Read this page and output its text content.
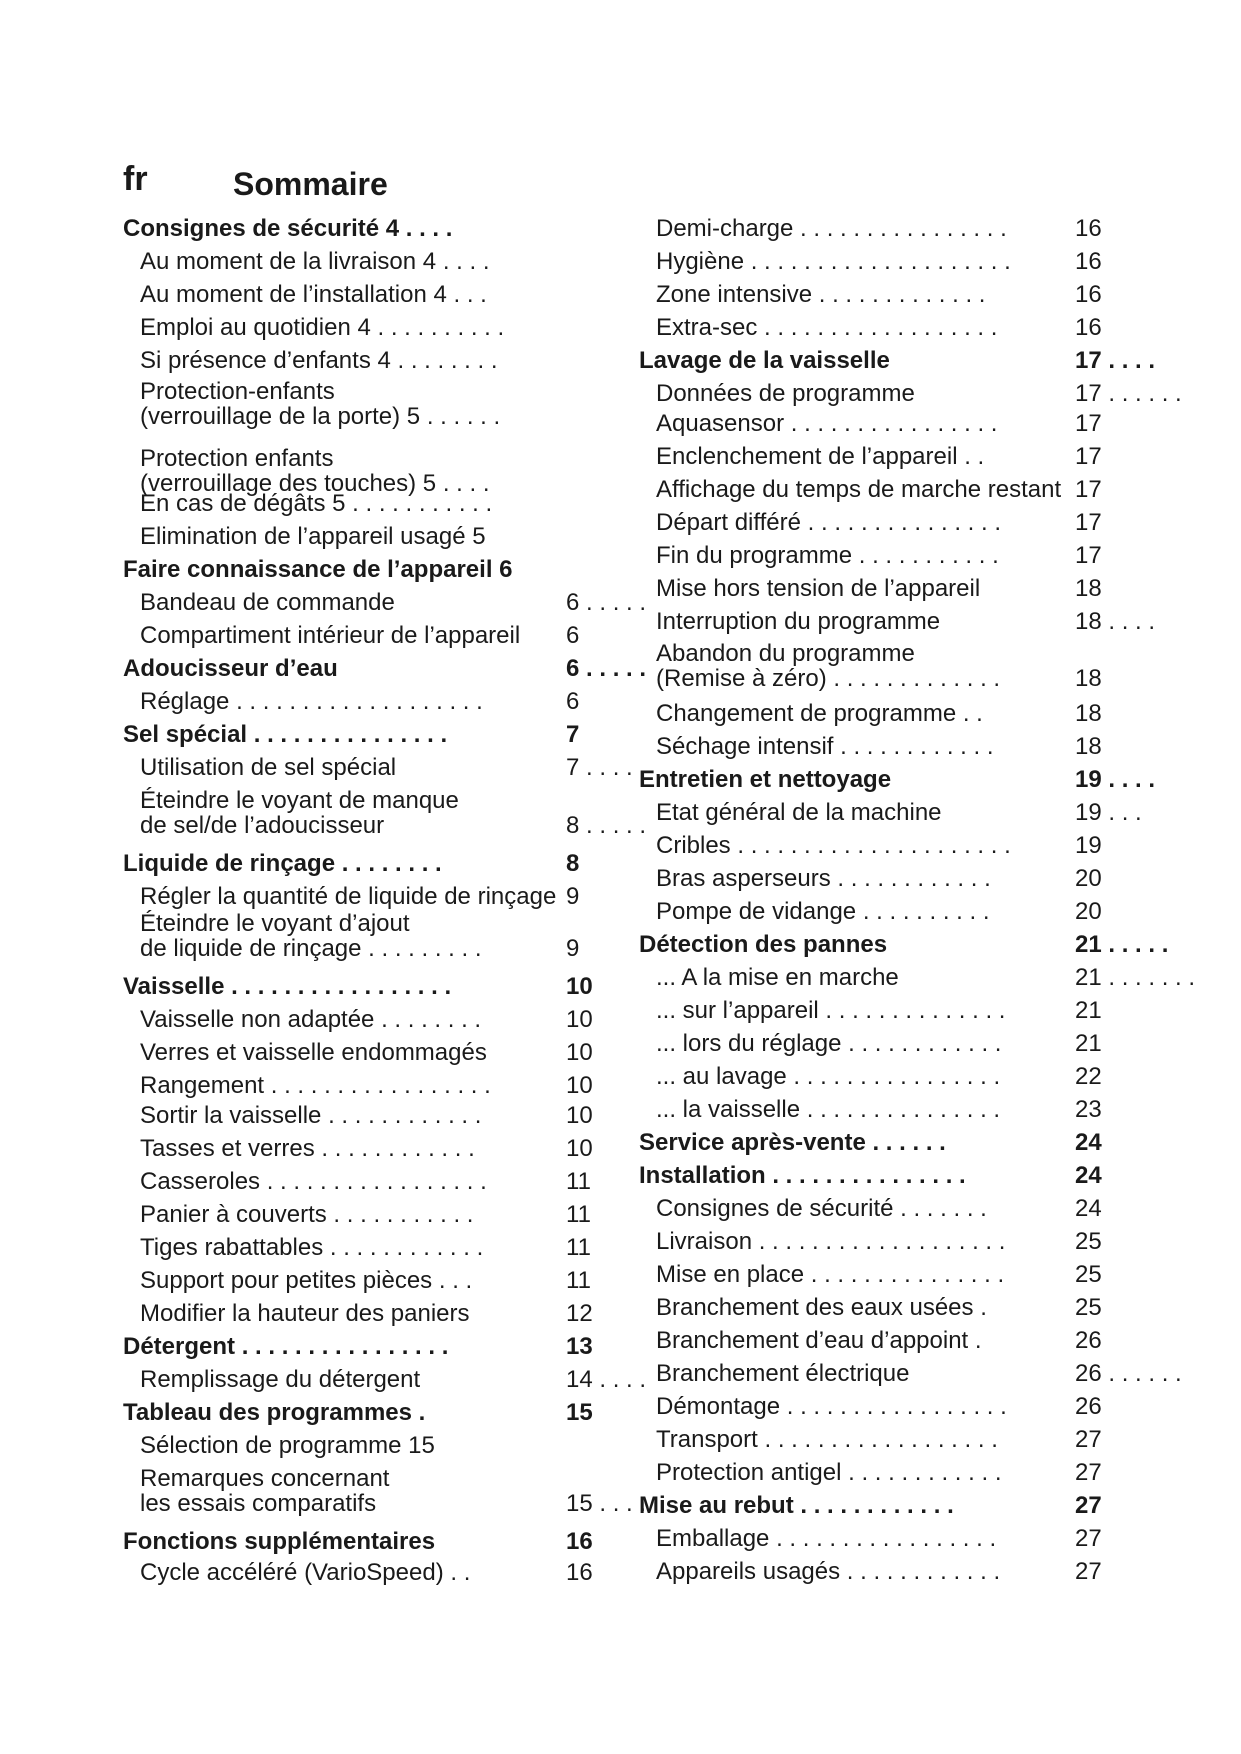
fr	Sommaire
Consignes de sécurité 4 . . . .
Au moment de la livraison 4 . . . .
Au moment de l’installation 4 . . .
Emploi au quotidien 4 . . . . . . . . . .
Si présence d’enfants 4 . . . . . . . .
Protection-enfants
(verrouillage de la porte) 5 . . . . . .
Protection enfants
(verrouillage des touches) 5 . . . .
En cas de dégâts 5 . . . . . . . . . . .
Elimination de l’appareil usagé 5
Faire connaissance de l’appareil 6
Bandeau de commande	6 . . . . .
Compartiment intérieur de l’appareil 6
Adoucisseur d’eau	6 . . . . .
Réglage . . . . . . . . . . . . . . . . . . .	6
Sel spécial . . . . . . . . . . . . . . .	7
Utilisation de sel spécial	7 . . . .
Éteindre le voyant de manque
de sel/de l’adoucisseur	8 . . . . .
Liquide de rinçage . . . . . . . .	8
Régler la quantité de liquide de rinçage 9
Éteindre le voyant d’ajout
de liquide de rinçage . . . . . . . . .	9
Vaisselle . . . . . . . . . . . . . . . . .	10
Vaisselle non adaptée . . . . . . . .	10
Verres et vaisselle endommagés	10
Rangement . . . . . . . . . . . . . . . . .	10
Sortir la vaisselle . . . . . . . . . . . .	10
Tasses et verres . . . . . . . . . . . .	10
Casseroles . . . . . . . . . . . . . . . . .	11
Panier à couverts . . . . . . . . . . .	11
Tiges rabattables . . . . . . . . . . . .	11
Support pour petites pièces . . .	11
Modifier la hauteur des paniers	12
Détergent . . . . . . . . . . . . . . . .	13
Remplissage du détergent	14 . . . .
Tableau des programmes .	15
Sélection de programme 15
Remarques concernant
les essais comparatifs	15 . . . .
Fonctions supplémentaires	16
Cycle accéléré (VarioSpeed) . .	16
Demi-charge . . . . . . . . . . . . . . . .	16
Hygiène . . . . . . . . . . . . . . . . . . . .	16
Zone intensive . . . . . . . . . . . . .	16
Extra-sec . . . . . . . . . . . . . . . . . .	16
Lavage de la vaisselle	17 . . . .
Données de programme	17 . . . . . .
Aquasensor . . . . . . . . . . . . . . . .	17
Enclenchement de l’appareil . .	17
Affichage du temps de marche restant 17
Départ différé . . . . . . . . . . . . . . .	17
Fin du programme . . . . . . . . . . .	17
Mise hors tension de l’appareil	18
Interruption du programme	18 . . . .
Abandon du programme
(Remise à zéro) . . . . . . . . . . . . .	18
Changement de programme . .	18
Séchage intensif . . . . . . . . . . . .	18
Entretien et nettoyage	19 . . . .
Etat général de la machine	19 . . .
Cribles . . . . . . . . . . . . . . . . . . . . .	19
Bras asperseurs . . . . . . . . . . . .	20
Pompe de vidange . . . . . . . . . .	20
Détection des pannes	21 . . . . .
... A la mise en marche	21 . . . . . . .
... sur l’appareil . . . . . . . . . . . . . .	21
... lors du réglage . . . . . . . . . . . .	21
... au lavage . . . . . . . . . . . . . . . .	22
... la vaisselle . . . . . . . . . . . . . . .	23
Service après-vente . . . . . .	24
Installation . . . . . . . . . . . . . . .	24
Consignes de sécurité . . . . . . .	24
Livraison . . . . . . . . . . . . . . . . . . .	25
Mise en place . . . . . . . . . . . . . . .	25
Branchement des eaux usées .	25
Branchement d’eau d’appoint .	26
Branchement électrique	26 . . . . . .
Démontage . . . . . . . . . . . . . . . . .	26
Transport . . . . . . . . . . . . . . . . . .	27
Protection antigel . . . . . . . . . . . .	27
Mise au rebut . . . . . . . . . . . .	27
Emballage . . . . . . . . . . . . . . . . .	27
Appareils usagés . . . . . . . . . . . .	27
